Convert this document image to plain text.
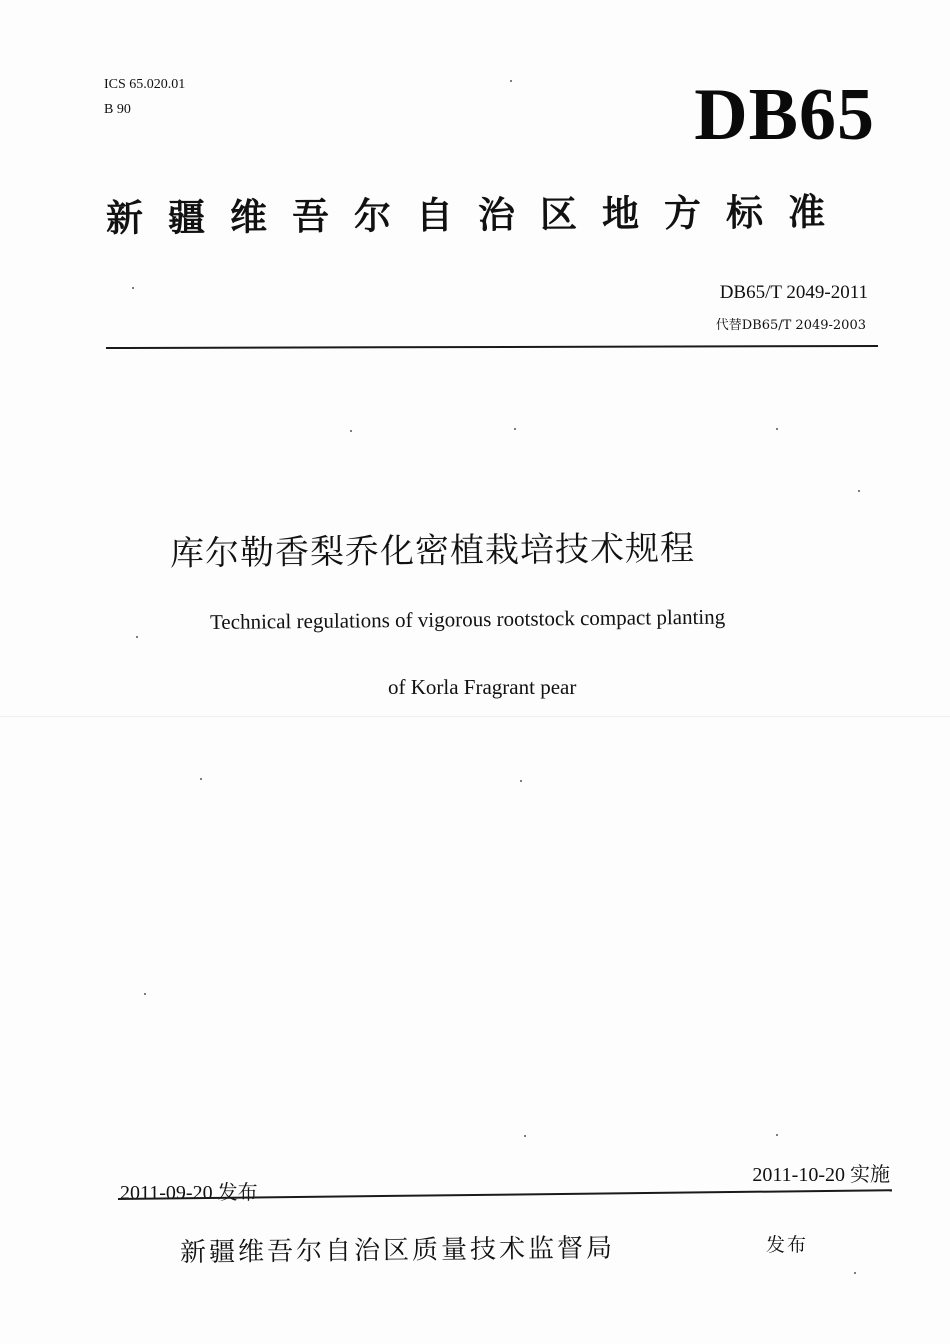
ICS 65.020.01
B 90	DB65
新疆维吾尔自治区地方标准
DB65/T 2049-2011
代替DB65/T 2049-2003
库尔勒香梨乔化密植栽培技术规程
Technical regulations of vigorous rootstock compact planting
of Korla Fragrant pear
2011-09-20 发布
2011-10-20 实施
新疆维吾尔自治区质量技术监督局	发布
